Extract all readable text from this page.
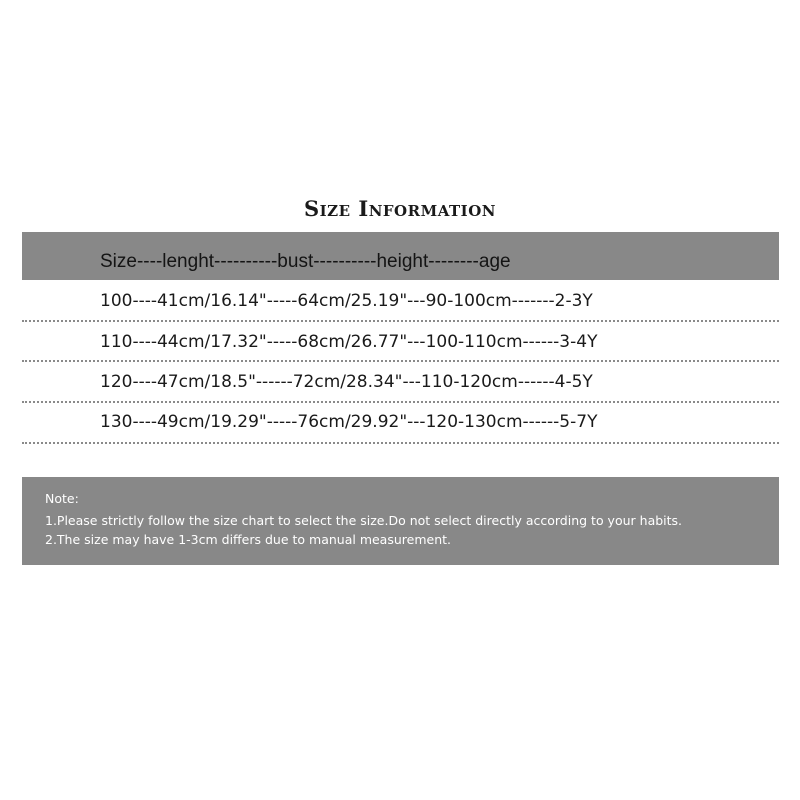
Size Information
Size----lenght----------bust----------height--------age
100----41cm/16.14"-----64cm/25.19"---90-100cm-------2-3Y
110----44cm/17.32"-----68cm/26.77"---100-110cm------3-4Y
120----47cm/18.5"------72cm/28.34"---110-120cm------4-5Y
130----49cm/19.29"-----76cm/29.92"---120-130cm------5-7Y
Note:
1.Please strictly follow the size chart to select the size.Do not select directly according to your habits.
2.The size may have 1-3cm differs due to manual measurement.
